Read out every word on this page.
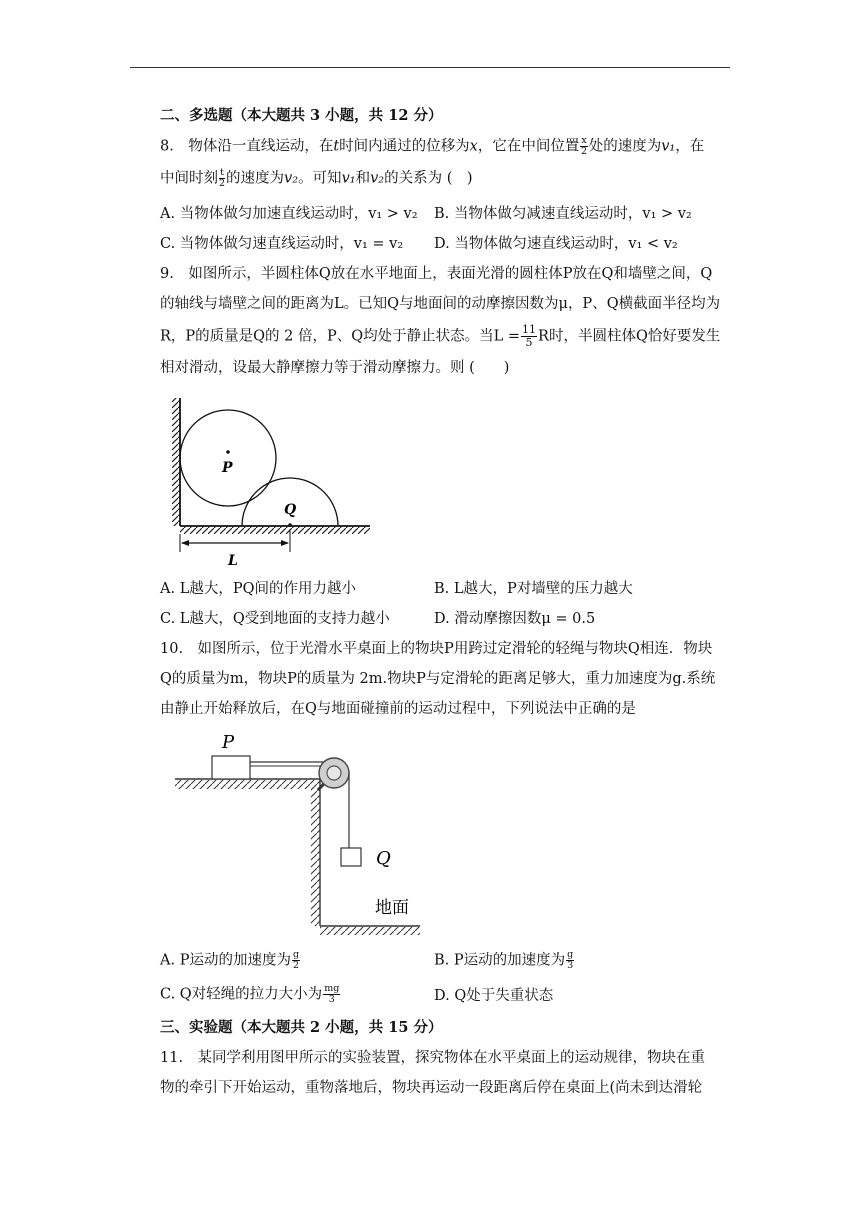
二、多选题（本大题共 3 小题，共 12 分）
8.　物体沿一直线运动，在t时间内通过的位移为x，它在中间位置 $\frac{x}{2}$ 处的速度为v₁，在
中间时刻 $\frac{t}{2}$ 的速度为v₂。可知v₁和v₂的关系为 (　)
A. 当物体做匀加速直线运动时，v₁ > v₂ B. 当物体做匀减速直线运动时，v₁ > v₂
C. 当物体做匀速直线运动时，v₁ = v₂ D. 当物体做匀速直线运动时，v₁ < v₂
9.　如图所示，半圆柱体Q放在水平地面上，表面光滑的圆柱体P放在Q和墙壁之间，Q
的轴线与墙壁之间的距离为L。已知Q与地面间的动摩擦因数为μ，P、Q横截面半径均为
R，P的质量是Q的 2 倍，P、Q均处于静止状态。当$L = \frac{11}{5}$ R时，半圆柱体Q恰好要发生
相对滑动，设最大静摩擦力等于滑动摩擦力。则 (　　)
P
Q
L
A. L越大，PQ间的作用力越小	B. L越大，P对墙壁的压力越大
C. L越大，Q受到地面的支持力越小	D. 滑动摩擦因数μ = 0.5
10.　如图所示，位于光滑水平桌面上的物块P用跨过定滑轮的轻绳与物块Q相连．物块
Q的质量为m，物块P的质量为 2m.物块P与定滑轮的距离足够大，重力加速度为g.系统
由静止开始释放后，在Q与地面碰撞前的运动过程中，下列说法中正确的是
P
Q
地面
A. P运动的加速度为 $\frac{g}{2}$	B. P运动的加速度为 $\frac{g}{3}$
C. Q对轻绳的拉力大小为 $\frac{mg}{3}$	D. Q处于失重状态
三、实验题（本大题共 2 小题，共 15 分）
11.　某同学利用图甲所示的实验装置，探究物体在水平桌面上的运动规律，物块在重
物的牵引下开始运动，重物落地后，物块再运动一段距离后停在桌面上(尚未到达滑轮
